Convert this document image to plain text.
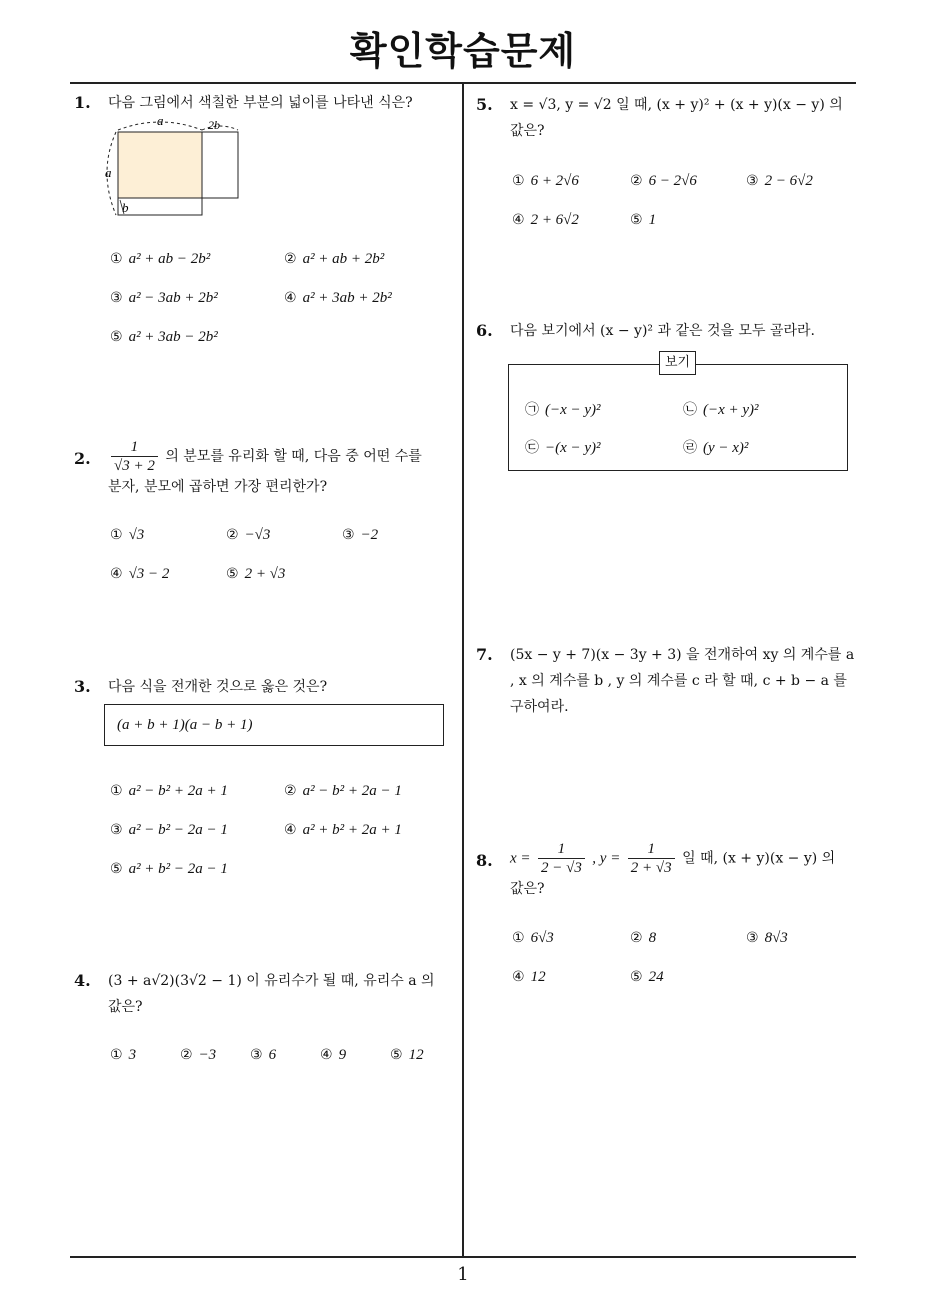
확인학습문제
1
1. 다음 그림에서 색칠한 부분의 넓이를 나타낸 식은?
a	2b
a
b
① a² + ab − 2b²	② a² + ab + 2b²
③ a² − 3ab + 2b²	④ a² + 3ab + 2b²
⑤ a² + 3ab − 2b²
2. $\frac{1}{√3 + 2}$ 의 분모를 유리화 할 때, 다음 중 어떤 수를
분자, 분모에 곱하면 가장 편리한가?
① √3	② −√3	③ −2
④ √3 − 2	⑤ 2 + √3
3. 다음 식을 전개한 것으로 옳은 것은?
(a + b + 1)(a − b + 1)
① a² − b² + 2a + 1	② a² − b² + 2a − 1
③ a² − b² − 2a − 1	④ a² + b² + 2a + 1
⑤ a² + b² − 2a − 1
4. (3 + a√2)(3√2 − 1) 이 유리수가 될 때, 유리수 a 의
값은?
① 3	② −3 ③ 6	④ 9	⑤ 12
5. x = √3, y = √2 일 때, (x + y)² + (x + y)(x − y) 의
값은?
① 6 + 2√6	② 6 − 2√6	③ 2 − 6√2
④ 2 + 6√2	⑤ 1
6. 다음 보기에서 (x − y)² 과 같은 것을 모두 골라라.
보기
㉠ (−x − y)²	㉡ (−x + y)²
㉢ −(x − y)²	㉣ (y − x)²
7. (5x − y + 7)(x − 3y + 3) 을 전개하여 xy 의 계수를 a
, x 의 계수를 b , y 의 계수를 c 라 할 때, c + b − a 를
구하여라.
8. $x = \frac{1}{2 - √3}$ , $y = \frac{1}{2 + √3}$ 일 때, (x + y)(x − y) 의
값은?
① 6√3	② 8	③ 8√3
④ 12	⑤ 24
